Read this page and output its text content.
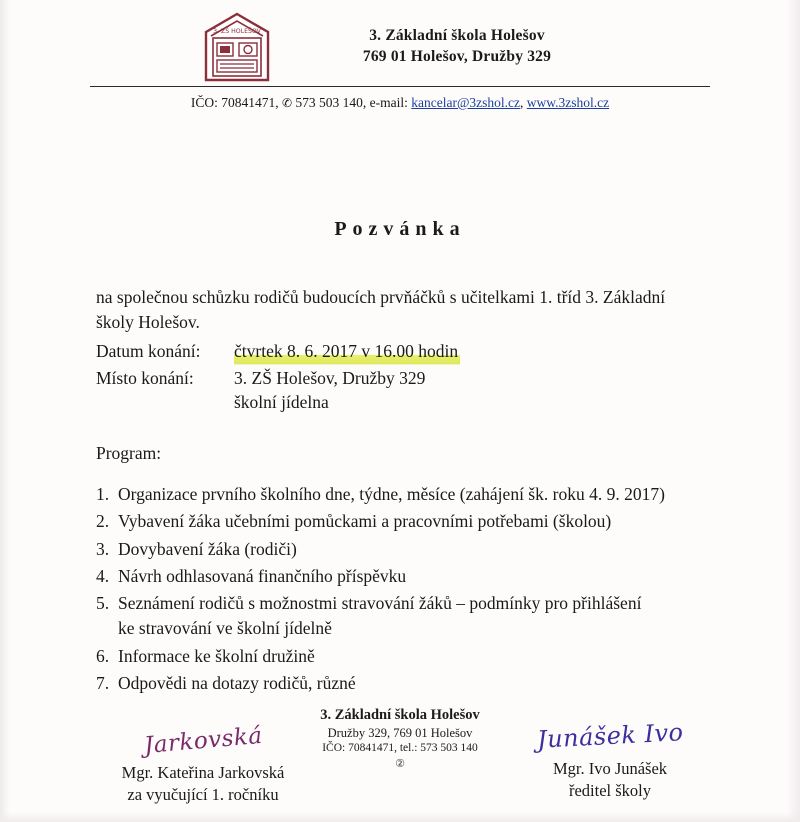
3. ZŠ HOLEŠOV	3. Základní škola Holešov
769 01 Holešov, Družby 329
IČO: 70841471, ✆ 573 503 140, e-mail: kancelar@3zshol.cz, www.3zshol.cz
Pozvánka

na společnou schůzku rodičů budoucích prvňáčků s učitelkami 1. tříd 3. Základní školy Holešov.

Datum konání:	čtvrtek 8. 6. 2017 v 16.00 hodin
Místo konání:	3. ZŠ Holešov, Družby 329
školní jídelna
Program:
1. Organizace prvního školního dne, týdne, měsíce (zahájení šk. roku 4. 9. 2017)
2. Vybavení žáka učebními pomůckami a pracovními potřebami (školou)
3. Dovybavení žáka (rodiči)
4. Návrh odhlasovaná finančního příspěvku
5. Seznámení rodičů s možnostmi stravování žáků – podmínky pro přihlášení
ke stravování ve školní jídelně
6. Informace ke školní družině
7. Odpovědi na dotazy rodičů, různé
3. Základní škola Holešov
Družby 329, 769 01 Holešov
IČO: 70841471, tel.: 573 503 140
②
Jarkovská
Mgr. Kateřina Jarkovská
za vyučující 1. ročníku
Junášek Ivo
Mgr. Ivo Junášek
ředitel školy
